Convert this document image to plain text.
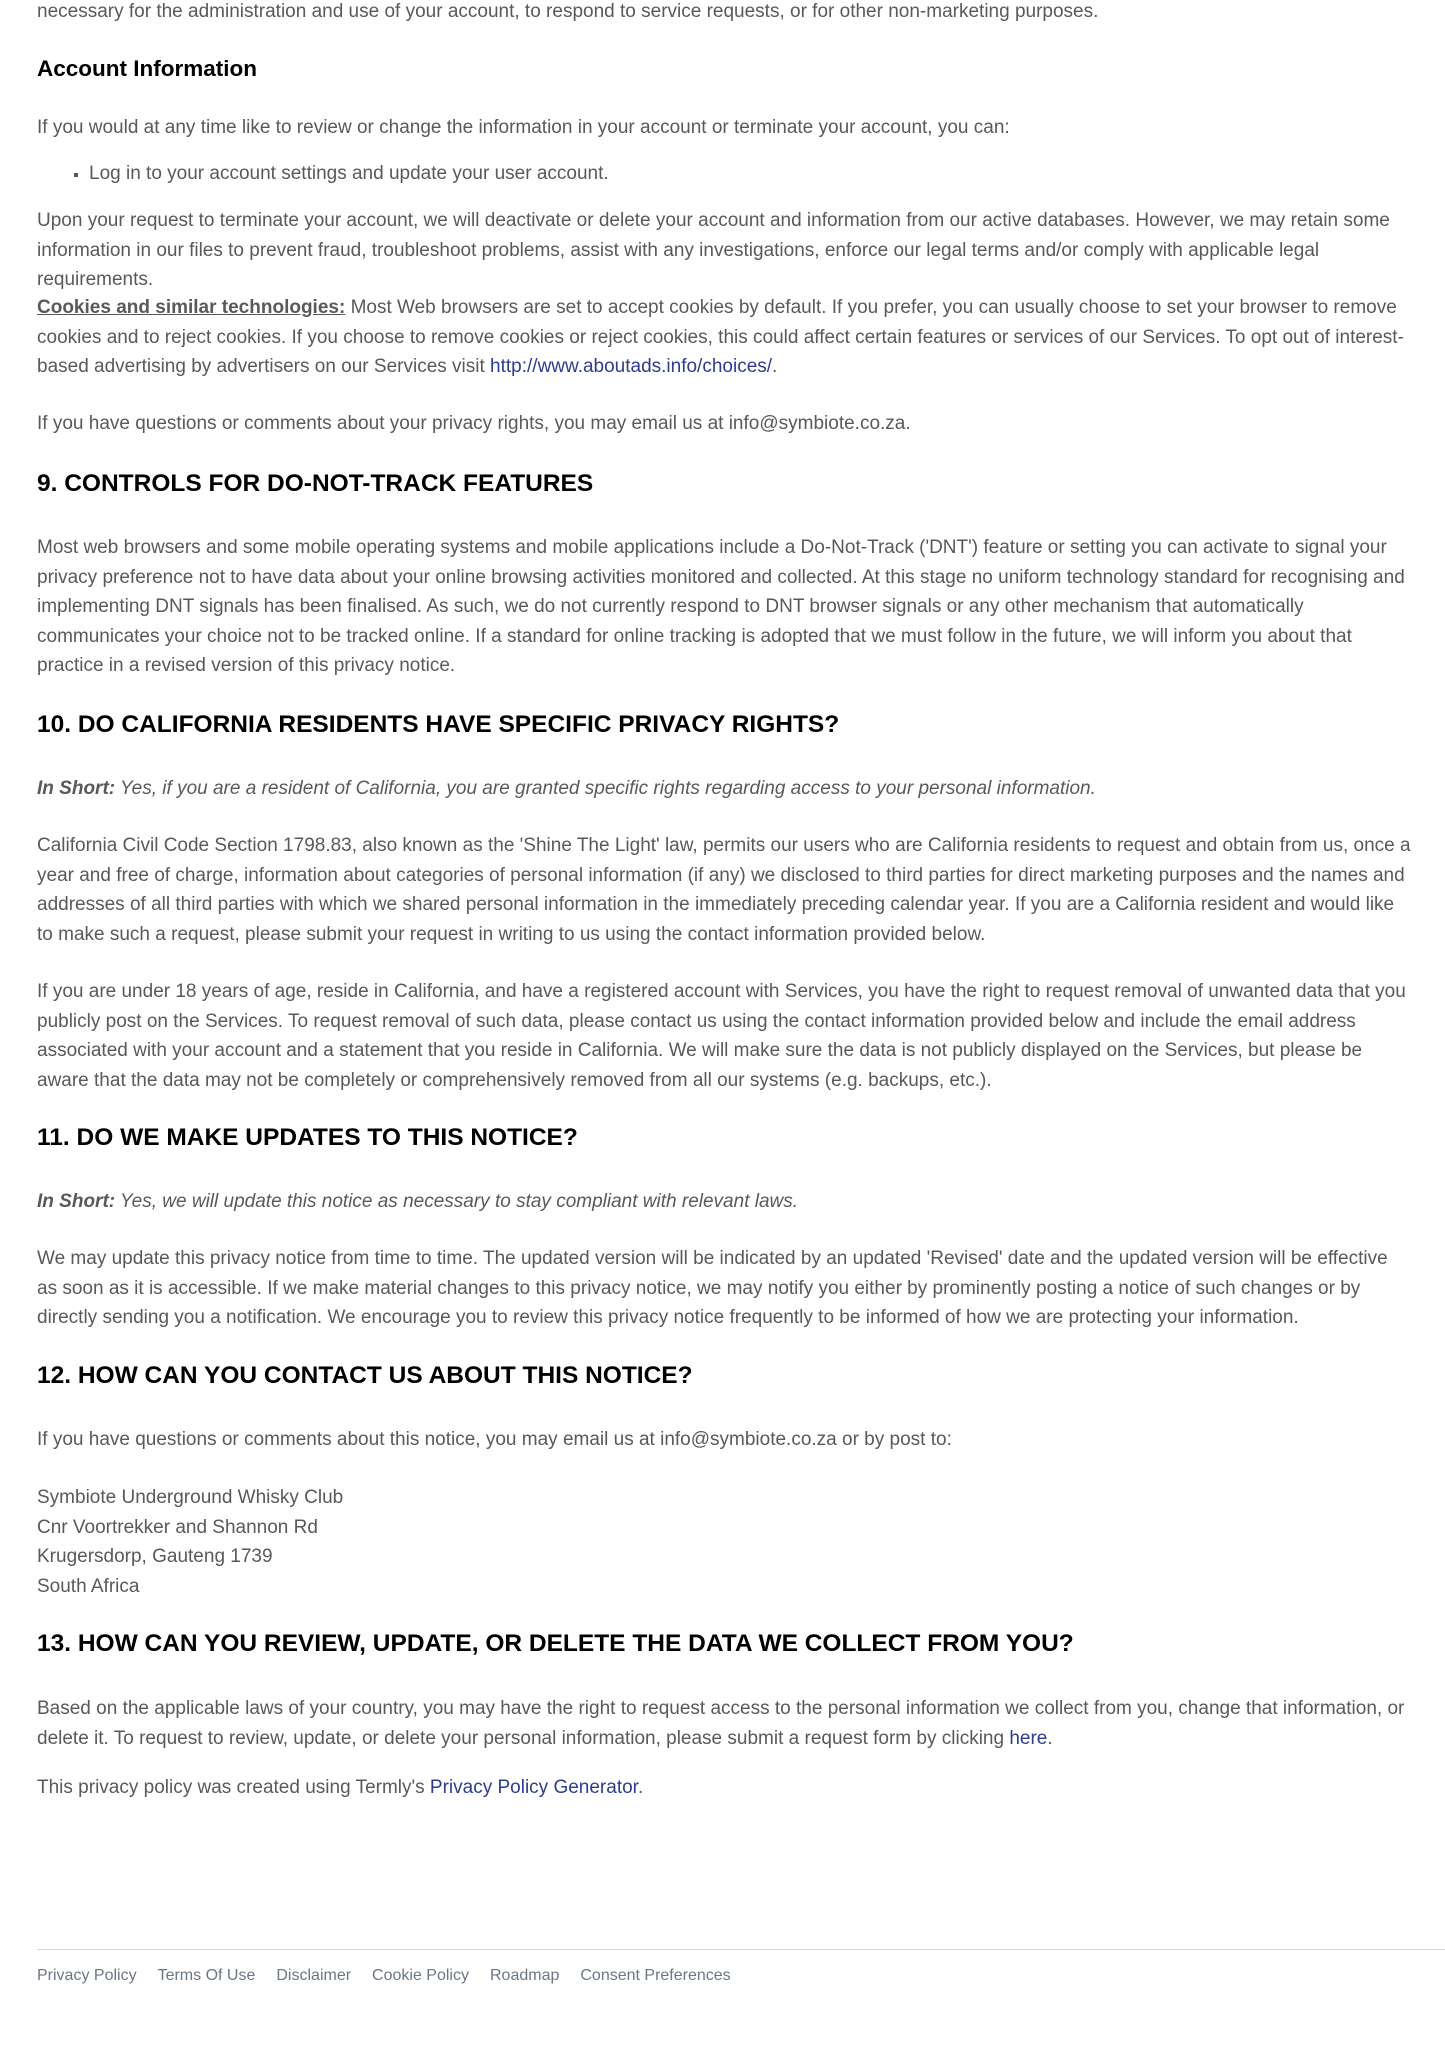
necessary for the administration and use of your account, to respond to service requests, or for other non-marketing purposes.

Account Information

If you would at any time like to review or change the information in your account or terminate your account, you can:

▪ Log in to your account settings and update your user account.

Upon your request to terminate your account, we will deactivate or delete your account and information from our active databases. However, we may retain some information in our files to prevent fraud, troubleshoot problems, assist with any investigations, enforce our legal terms and/or comply with applicable legal requirements.

Cookies and similar technologies: Most Web browsers are set to accept cookies by default. If you prefer, you can usually choose to set your browser to remove cookies and to reject cookies. If you choose to remove cookies or reject cookies, this could affect certain features or services of our Services. To opt out of interest-based advertising by advertisers on our Services visit http://www.aboutads.info/choices/.

If you have questions or comments about your privacy rights, you may email us at info@symbiote.co.za.

9. CONTROLS FOR DO-NOT-TRACK FEATURES

Most web browsers and some mobile operating systems and mobile applications include a Do-Not-Track ('DNT') feature or setting you can activate to signal your privacy preference not to have data about your online browsing activities monitored and collected. At this stage no uniform technology standard for recognising and implementing DNT signals has been finalised. As such, we do not currently respond to DNT browser signals or any other mechanism that automatically communicates your choice not to be tracked online. If a standard for online tracking is adopted that we must follow in the future, we will inform you about that practice in a revised version of this privacy notice.

10. DO CALIFORNIA RESIDENTS HAVE SPECIFIC PRIVACY RIGHTS?

In Short: Yes, if you are a resident of California, you are granted specific rights regarding access to your personal information.

California Civil Code Section 1798.83, also known as the 'Shine The Light' law, permits our users who are California residents to request and obtain from us, once a year and free of charge, information about categories of personal information (if any) we disclosed to third parties for direct marketing purposes and the names and addresses of all third parties with which we shared personal information in the immediately preceding calendar year. If you are a California resident and would like to make such a request, please submit your request in writing to us using the contact information provided below.

If you are under 18 years of age, reside in California, and have a registered account with Services, you have the right to request removal of unwanted data that you publicly post on the Services. To request removal of such data, please contact us using the contact information provided below and include the email address associated with your account and a statement that you reside in California. We will make sure the data is not publicly displayed on the Services, but please be aware that the data may not be completely or comprehensively removed from all our systems (e.g. backups, etc.).

11. DO WE MAKE UPDATES TO THIS NOTICE?

In Short: Yes, we will update this notice as necessary to stay compliant with relevant laws.

We may update this privacy notice from time to time. The updated version will be indicated by an updated 'Revised' date and the updated version will be effective as soon as it is accessible. If we make material changes to this privacy notice, we may notify you either by prominently posting a notice of such changes or by directly sending you a notification. We encourage you to review this privacy notice frequently to be informed of how we are protecting your information.

12. HOW CAN YOU CONTACT US ABOUT THIS NOTICE?

If you have questions or comments about this notice, you may email us at info@symbiote.co.za or by post to:

Symbiote Underground Whisky Club
Cnr Voortrekker and Shannon Rd
Krugersdorp, Gauteng 1739
South Africa
13. HOW CAN YOU REVIEW, UPDATE, OR DELETE THE DATA WE COLLECT FROM YOU?

Based on the applicable laws of your country, you may have the right to request access to the personal information we collect from you, change that information, or delete it. To request to review, update, or delete your personal information, please submit a request form by clicking here.

This privacy policy was created using Termly's Privacy Policy Generator.

Privacy Policy Terms Of Use Disclaimer Cookie Policy Roadmap Consent Preferences
